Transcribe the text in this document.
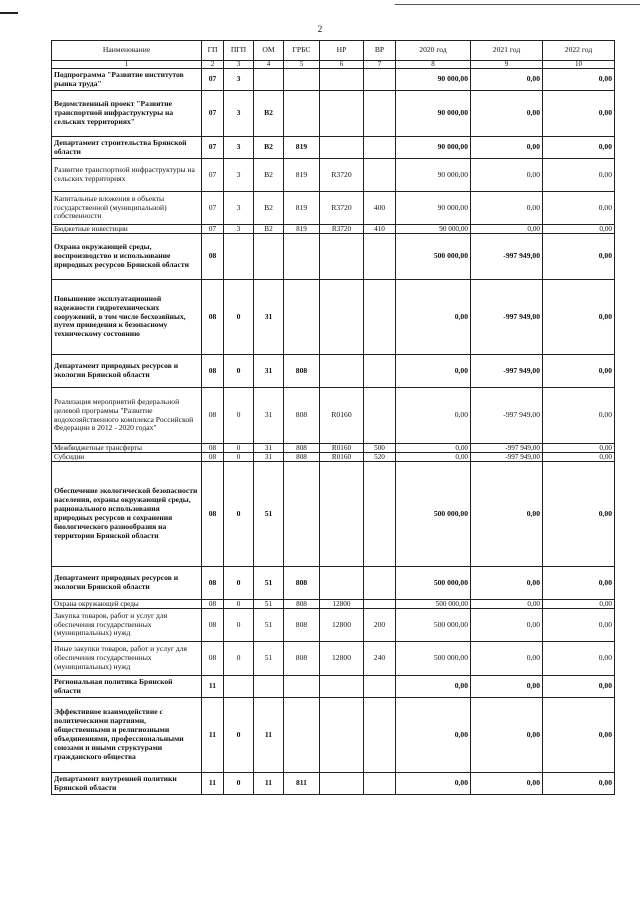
2
Наименование	ГП	ПГП	ОМ	ГРБС	НР	ВР	2020 год	2021 год	2022 год
1	2	3	4	5	6	7	8	9	10
Подпрограмма "Развитие институтов рынка труда"	07	3					90 000,00	0,00	0,00
Ведомственный проект "Развитие транспортной инфраструктуры на сельских территориях"	07	3	В2				90 000,00	0,00	0,00
Департамент строительства Брянской области	07	3	В2	819			90 000,00	0,00	0,00
Развитие транспортной инфраструктуры на сельских территориях	07	3	В2	819	R3720		90 000,00	0,00	0,00
Капитальные вложения в объекты государственной (муниципальной) собственности	07	3	В2	819	R3720	400	90 000,00	0,00	0,00
Бюджетные инвестиции	07	3	В2	819	R3720	410	90 000,00	0,00	0,00
Охрана окружающей среды, воспроизводство и использование природных ресурсов Брянской области	08						500 000,00	-997 949,00	0,00
Повышение эксплуатационной надежности гидротехнических сооружений, в том числе бесхозяйных, путем приведения к безопасному техническому состоянию	08	0	31				0,00	-997 949,00	0,00
Департамент природных ресурсов и экологии Брянской области	08	0	31	808			0,00	-997 949,00	0,00
Реализация мероприятий федеральной целевой программы "Развитие водохозяйственного комплекса Российской Федерации в 2012 - 2020 годах"	08	0	31	808	R0160		0,00	-997 949,00	0,00
Межбюджетные трансферты	08	0	31	808	R0160	500	0,00	-997 949,00	0,00
Субсидии	08	0	31	808	R0160	520	0,00	-997 949,00	0,00
Обеспечение экологической безопасности населения, охраны окружающей среды, рационального использования природных ресурсов и сохранения биологического разнообразия на территории Брянской области	08	0	51				500 000,00	0,00	0,00
Департамент природных ресурсов и экологии Брянской области	08	0	51	808			500 000,00	0,00	0,00
Охрана окружающей среды	08	0	51	808	12800		500 000,00	0,00	0,00
Закупка товаров, работ и услуг для обеспечения государственных (муниципальных) нужд	08	0	51	808	12800	200	500 000,00	0,00	0,00
Иные закупки товаров, работ и услуг для обеспечения государственных (муниципальных) нужд	08	0	51	808	12800	240	500 000,00	0,00	0,00
Региональная политика Брянской области	11						0,00	0,00	0,00
Эффективное взаимодействие с политическими партиями, общественными и религиозными объединениями, профессиональными союзами и иными структурами гражданского общества	11	0	11				0,00	0,00	0,00
Департамент внутренней политики Брянской области	11	0	11	811			0,00	0,00	0,00
